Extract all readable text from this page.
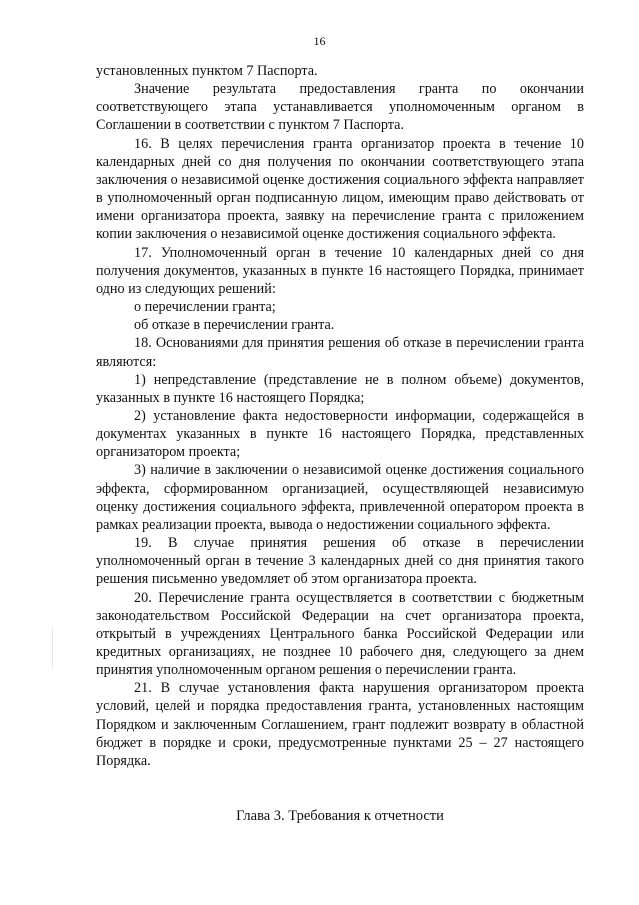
16

установленных пунктом 7 Паспорта.

Значение результата предоставления гранта по окончании соответствующего этапа устанавливается уполномоченным органом в Соглашении в соответствии с пунктом 7 Паспорта.

16. В целях перечисления гранта организатор проекта в течение 10 календарных дней со дня получения по окончании соответствующего этапа заключения о независимой оценке достижения социального эффекта направляет в уполномоченный орган подписанную лицом, имеющим право действовать от имени организатора проекта, заявку на перечисление гранта с приложением копии заключения о независимой оценке достижения социального эффекта.

17. Уполномоченный орган в течение 10 календарных дней со дня получения документов, указанных в пункте 16 настоящего Порядка, принимает одно из следующих решений:

о перечислении гранта;

об отказе в перечислении гранта.

18. Основаниями для принятия решения об отказе в перечислении гранта являются:

1) непредставление (представление не в полном объеме) документов, указанных в пункте 16 настоящего Порядка;

2) установление факта недостоверности информации, содержащейся в документах указанных в пункте 16 настоящего Порядка, представленных организатором проекта;

3) наличие в заключении о независимой оценке достижения социального эффекта, сформированном организацией, осуществляющей независимую оценку достижения социального эффекта, привлеченной оператором проекта в рамках реализации проекта, вывода о недостижении социального эффекта.

19. В случае принятия решения об отказе в перечислении уполномоченный орган в течение 3 календарных дней со дня принятия такого решения письменно уведомляет об этом организатора проекта.

20. Перечисление гранта осуществляется в соответствии с бюджетным законодательством Российской Федерации на счет организатора проекта, открытый в учреждениях Центрального банка Российской Федерации или кредитных организациях, не позднее 10 рабочего дня, следующего за днем принятия уполномоченным органом решения о перечислении гранта.

21. В случае установления факта нарушения организатором проекта условий, целей и порядка предоставления гранта, установленных настоящим Порядком и заключенным Соглашением, грант подлежит возврату в областной бюджет в порядке и сроки, предусмотренные пунктами 25 – 27 настоящего Порядка.

Глава 3. Требования к отчетности
